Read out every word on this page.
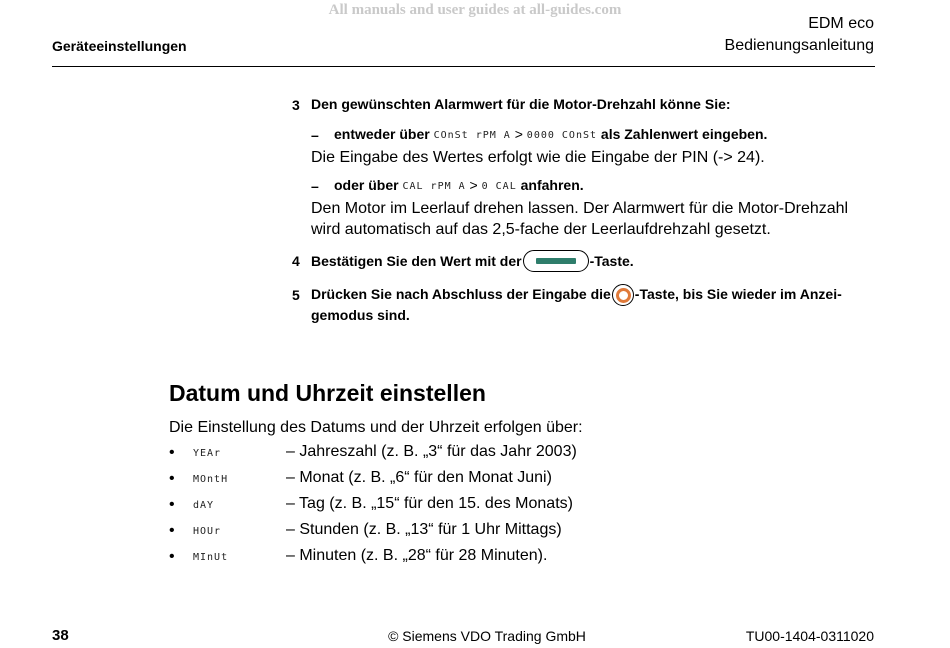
All manuals and user guides at all-guides.com
EDM eco
Bedienungsanleitung
Geräteeinstellungen
3 Den gewünschten Alarmwert für die Motor-Drehzahl könne Sie:
– entweder über COnSt rPM A > 0000 COnSt als Zahlenwert eingeben.
Die Eingabe des Wertes erfolgt wie die Eingabe der PIN (-> 24).
– oder über CAL rPM A > 0 CAL anfahren.
Den Motor im Leerlauf drehen lassen. Der Alarmwert für die Motor-Drehzahl
wird automatisch auf das 2,5-fache der Leerlaufdrehzahl gesetzt.
4 Bestätigen Sie den Wert mit der	-Taste.
5 Drücken Sie nach Abschluss der Eingabe die -Taste, bis Sie wieder im Anzei-
gemodus sind.
Datum und Uhrzeit einstellen
Die Einstellung des Datums und der Uhrzeit erfolgen über:
• YEAr	– Jahreszahl (z. B. „3“ für das Jahr 2003)
• MOntH	– Monat (z. B. „6“ für den Monat Juni)
• dAY	– Tag (z. B. „15“ für den 15. des Monats)
• HOUr	– Stunden (z. B. „13“ für 1 Uhr Mittags)
• MInUt	– Minuten (z. B. „28“ für 28 Minuten).
38	© Siemens VDO Trading GmbH	TU00-1404-0311020
